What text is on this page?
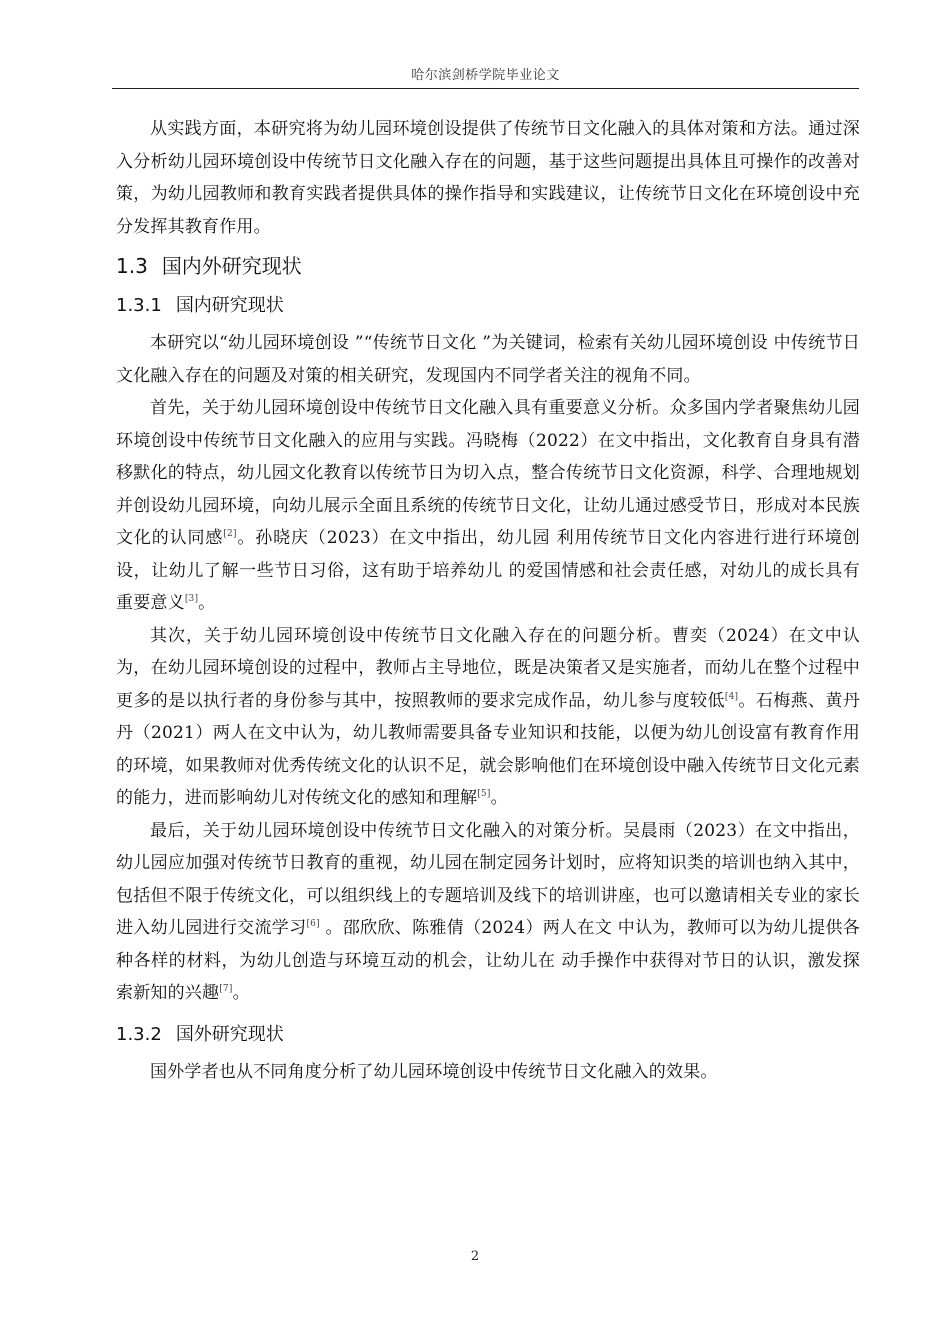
哈尔滨剑桥学院毕业论文

从实践方面，本研究将为幼儿园环境创设提供了传统节日文化融入的具体对策和方法。通过深入分析幼儿园环境创设中传统节日文化融入存在的问题，基于这些问题提出具体且可操作的改善对策，为幼儿园教师和教育实践者提供具体的操作指导和实践建议，让传统节日文化在环境创设中充分发挥其教育作用。

1.3 国内外研究现状
1.3.1 国内研究现状

本研究以“幼儿园环境创设 ”“传统节日文化 ”为关键词，检索有关幼儿园环境创设 中传统节日文化融入存在的问题及对策的相关研究，发现国内不同学者关注的视角不同。

首先，关于幼儿园环境创设中传统节日文化融入具有重要意义分析。众多国内学者聚焦幼儿园环境创设中传统节日文化融入的应用与实践。冯晓梅（2022）在文中指出，文化教育自身具有潜移默化的特点，幼儿园文化教育以传统节日为切入点，整合传统节日文化资源，科学、合理地规划并创设幼儿园环境，向幼儿展示全面且系统的传统节日文化，让幼儿通过感受节日，形成对本民族文化的认同感[2]。孙晓庆（2023）在文中指出，幼儿园 利用传统节日文化内容进行进行环境创设，让幼儿了解一些节日习俗，这有助于培养幼儿 的爱国情感和社会责任感，对幼儿的成长具有重要意义[3]。

其次，关于幼儿园环境创设中传统节日文化融入存在的问题分析。曹奕（2024）在文中认为，在幼儿园环境创设的过程中，教师占主导地位，既是决策者又是实施者，而幼儿在整个过程中更多的是以执行者的身份参与其中，按照教师的要求完成作品，幼儿参与度较低[4]。石梅燕、黄丹丹（2021）两人在文中认为，幼儿教师需要具备专业知识和技能，以便为幼儿创设富有教育作用的环境，如果教师对优秀传统文化的认识不足，就会影响他们在环境创设中融入传统节日文化元素的能力，进而影响幼儿对传统文化的感知和理解[5]。

最后，关于幼儿园环境创设中传统节日文化融入的对策分析。吴晨雨（2023）在文中指出，幼儿园应加强对传统节日教育的重视，幼儿园在制定园务计划时，应将知识类的培训也纳入其中，包括但不限于传统文化，可以组织线上的专题培训及线下的培训讲座，也可以邀请相关专业的家长进入幼儿园进行交流学习[6] 。邵欣欣、陈雅倩（2024）两人在文 中认为，教师可以为幼儿提供各种各样的材料，为幼儿创造与环境互动的机会，让幼儿在 动手操作中获得对节日的认识，激发探索新知的兴趣[7]。

1.3.2 国外研究现状

国外学者也从不同角度分析了幼儿园环境创设中传统节日文化融入的效果。

2
